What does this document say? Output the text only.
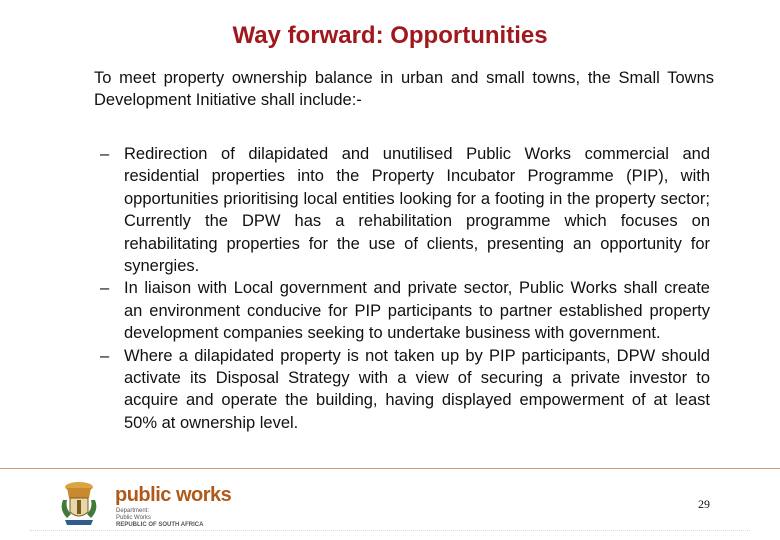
Way forward: Opportunities

To meet property ownership balance in urban and small towns, the Small Towns Development Initiative shall include:-

– Redirection of dilapidated and unutilised Public Works commercial and residential properties into the Property Incubator Programme (PIP), with opportunities prioritising local entities looking for a footing in the property sector; Currently the DPW has a rehabilitation programme which focuses on rehabilitating properties for the use of clients, presenting an opportunity for synergies.
– In liaison with Local government and private sector, Public Works shall create an environment conducive for PIP participants to partner established property development companies seeking to undertake business with government.
– Where a dilapidated property is not taken up by PIP participants, DPW should activate its Disposal Strategy with a view of securing a private investor to acquire and operate the building, having displayed empowerment of at least 50% at ownership level.
public works
Department:
Public Works
REPUBLIC OF SOUTH AFRICA
29
